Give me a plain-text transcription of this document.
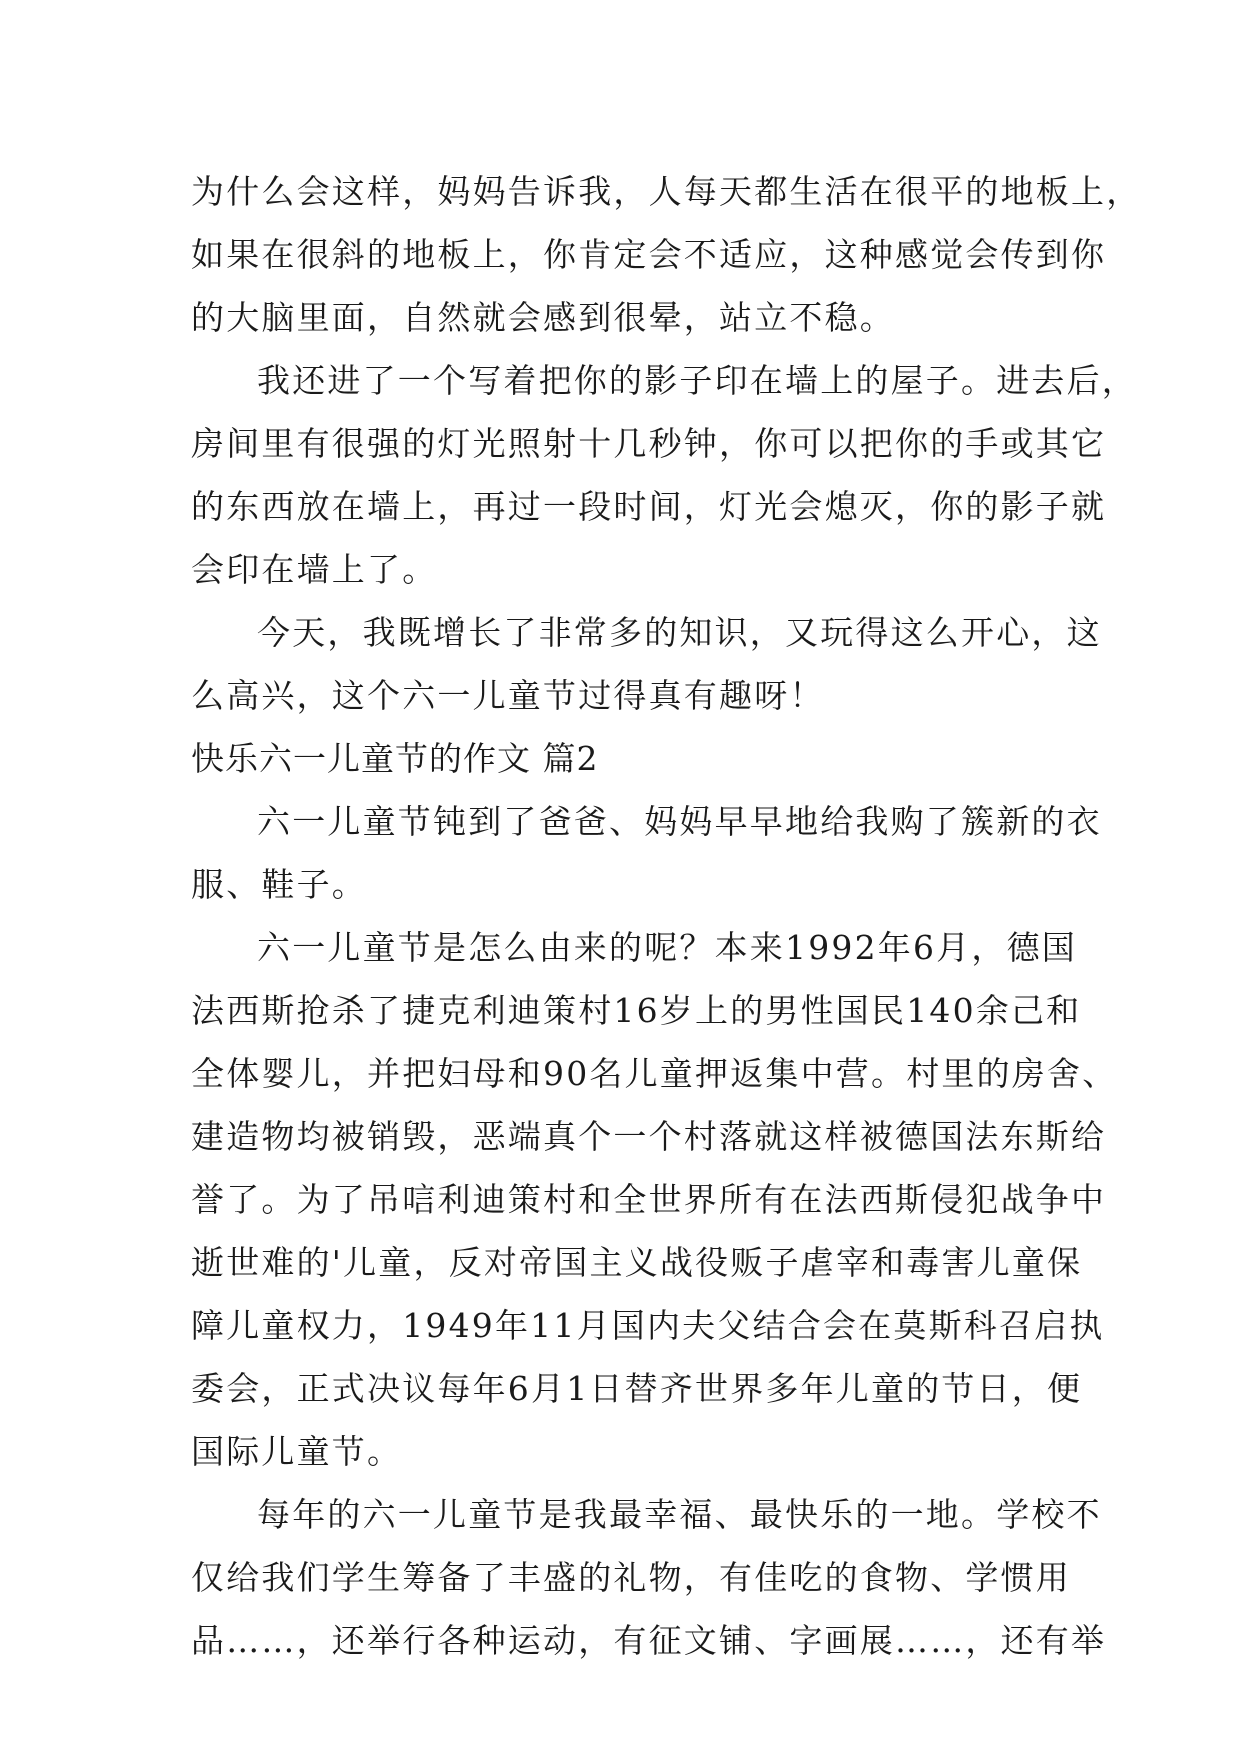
为什么会这样，妈妈告诉我，人每天都生活在很平的地板上，
如果在很斜的地板上，你肯定会不适应，这种感觉会传到你
的大脑里面，自然就会感到很晕，站立不稳。
我还进了一个写着把你的影子印在墙上的屋子。进去后，
房间里有很强的灯光照射十几秒钟，你可以把你的手或其它
的东西放在墙上，再过一段时间，灯光会熄灭，你的影子就
会印在墙上了。
今天，我既增长了非常多的知识，又玩得这么开心，这
么高兴，这个六一儿童节过得真有趣呀！
快乐六一儿童节的作文 篇2
六一儿童节钝到了爸爸、妈妈早早地给我购了簇新的衣
服、鞋子。
六一儿童节是怎么由来的呢？本来1992年6月，德国
法西斯抢杀了捷克利迪策村16岁上的男性国民140余己和
全体婴儿，并把妇母和90名儿童押返集中营。村里的房舍、
建造物均被销毁，恶端真个一个村落就这样被德国法东斯给
誉了。为了吊唁利迪策村和全世界所有在法西斯侵犯战争中
逝世难的'儿童，反对帝国主义战役贩子虐宰和毒害儿童保
障儿童权力，1949年11月国内夫父结合会在莫斯科召启执
委会，正式决议每年6月1日替齐世界多年儿童的节日，便
国际儿童节。
每年的六一儿童节是我最幸福、最快乐的一地。学校不
仅给我们学生筹备了丰盛的礼物，有佳吃的食物、学惯用
品……，还举行各种运动，有征文铺、字画展……，还有举
